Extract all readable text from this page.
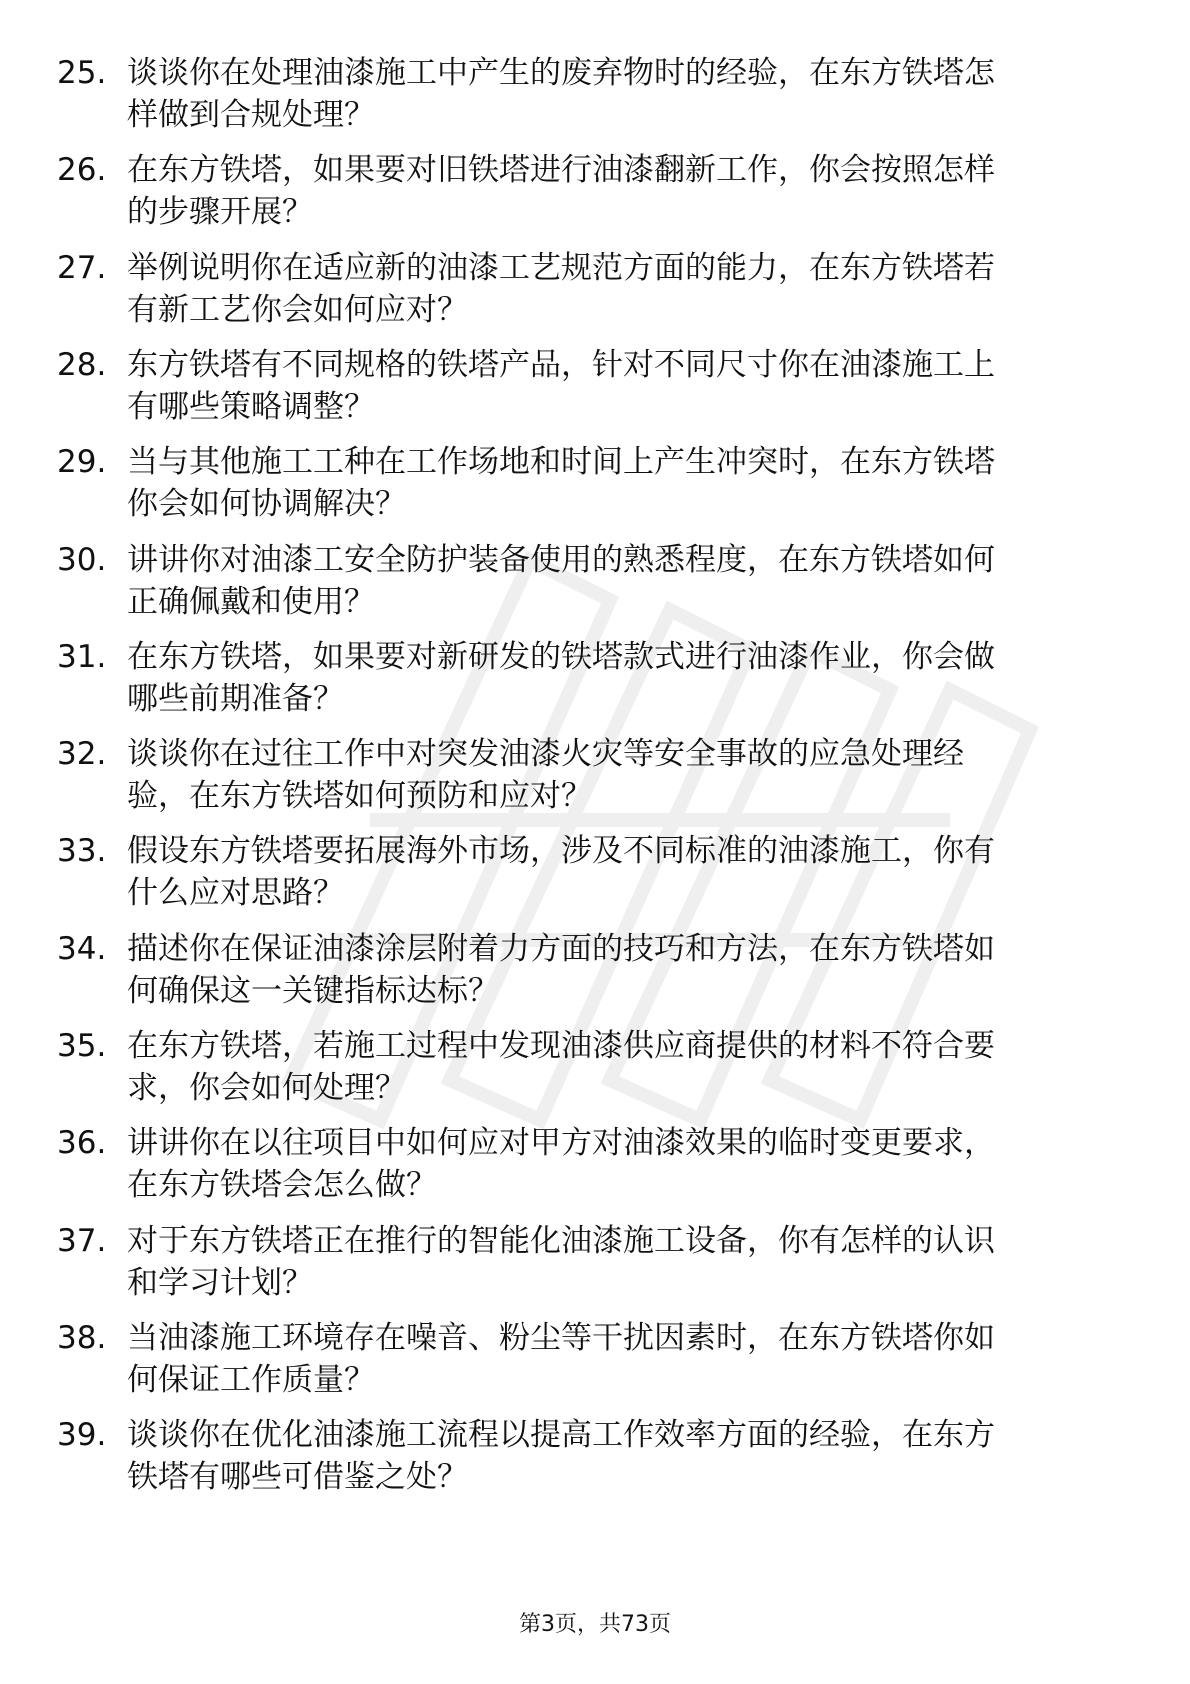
25. 谈谈你在处理油漆施工中产生的废弃物时的经验，在东方铁塔怎
样做到合规处理？
26. 在东方铁塔，如果要对旧铁塔进行油漆翻新工作，你会按照怎样
的步骤开展？
27. 举例说明你在适应新的油漆工艺规范方面的能力，在东方铁塔若
有新工艺你会如何应对？
28. 东方铁塔有不同规格的铁塔产品，针对不同尺寸你在油漆施工上
有哪些策略调整？
29. 当与其他施工工种在工作场地和时间上产生冲突时，在东方铁塔
你会如何协调解决？
30. 讲讲你对油漆工安全防护装备使用的熟悉程度，在东方铁塔如何
正确佩戴和使用？
31. 在东方铁塔，如果要对新研发的铁塔款式进行油漆作业，你会做
哪些前期准备？
32. 谈谈你在过往工作中对突发油漆火灾等安全事故的应急处理经
验，在东方铁塔如何预防和应对？
33. 假设东方铁塔要拓展海外市场，涉及不同标准的油漆施工，你有
什么应对思路？
34. 描述你在保证油漆涂层附着力方面的技巧和方法，在东方铁塔如
何确保这一关键指标达标？
35. 在东方铁塔，若施工过程中发现油漆供应商提供的材料不符合要
求，你会如何处理？
36. 讲讲你在以往项目中如何应对甲方对油漆效果的临时变更要求，
在东方铁塔会怎么做？
37. 对于东方铁塔正在推行的智能化油漆施工设备，你有怎样的认识
和学习计划？
38. 当油漆施工环境存在噪音、粉尘等干扰因素时，在东方铁塔你如
何保证工作质量？
39. 谈谈你在优化油漆施工流程以提高工作效率方面的经验，在东方
铁塔有哪些可借鉴之处？
第3页，共73页
